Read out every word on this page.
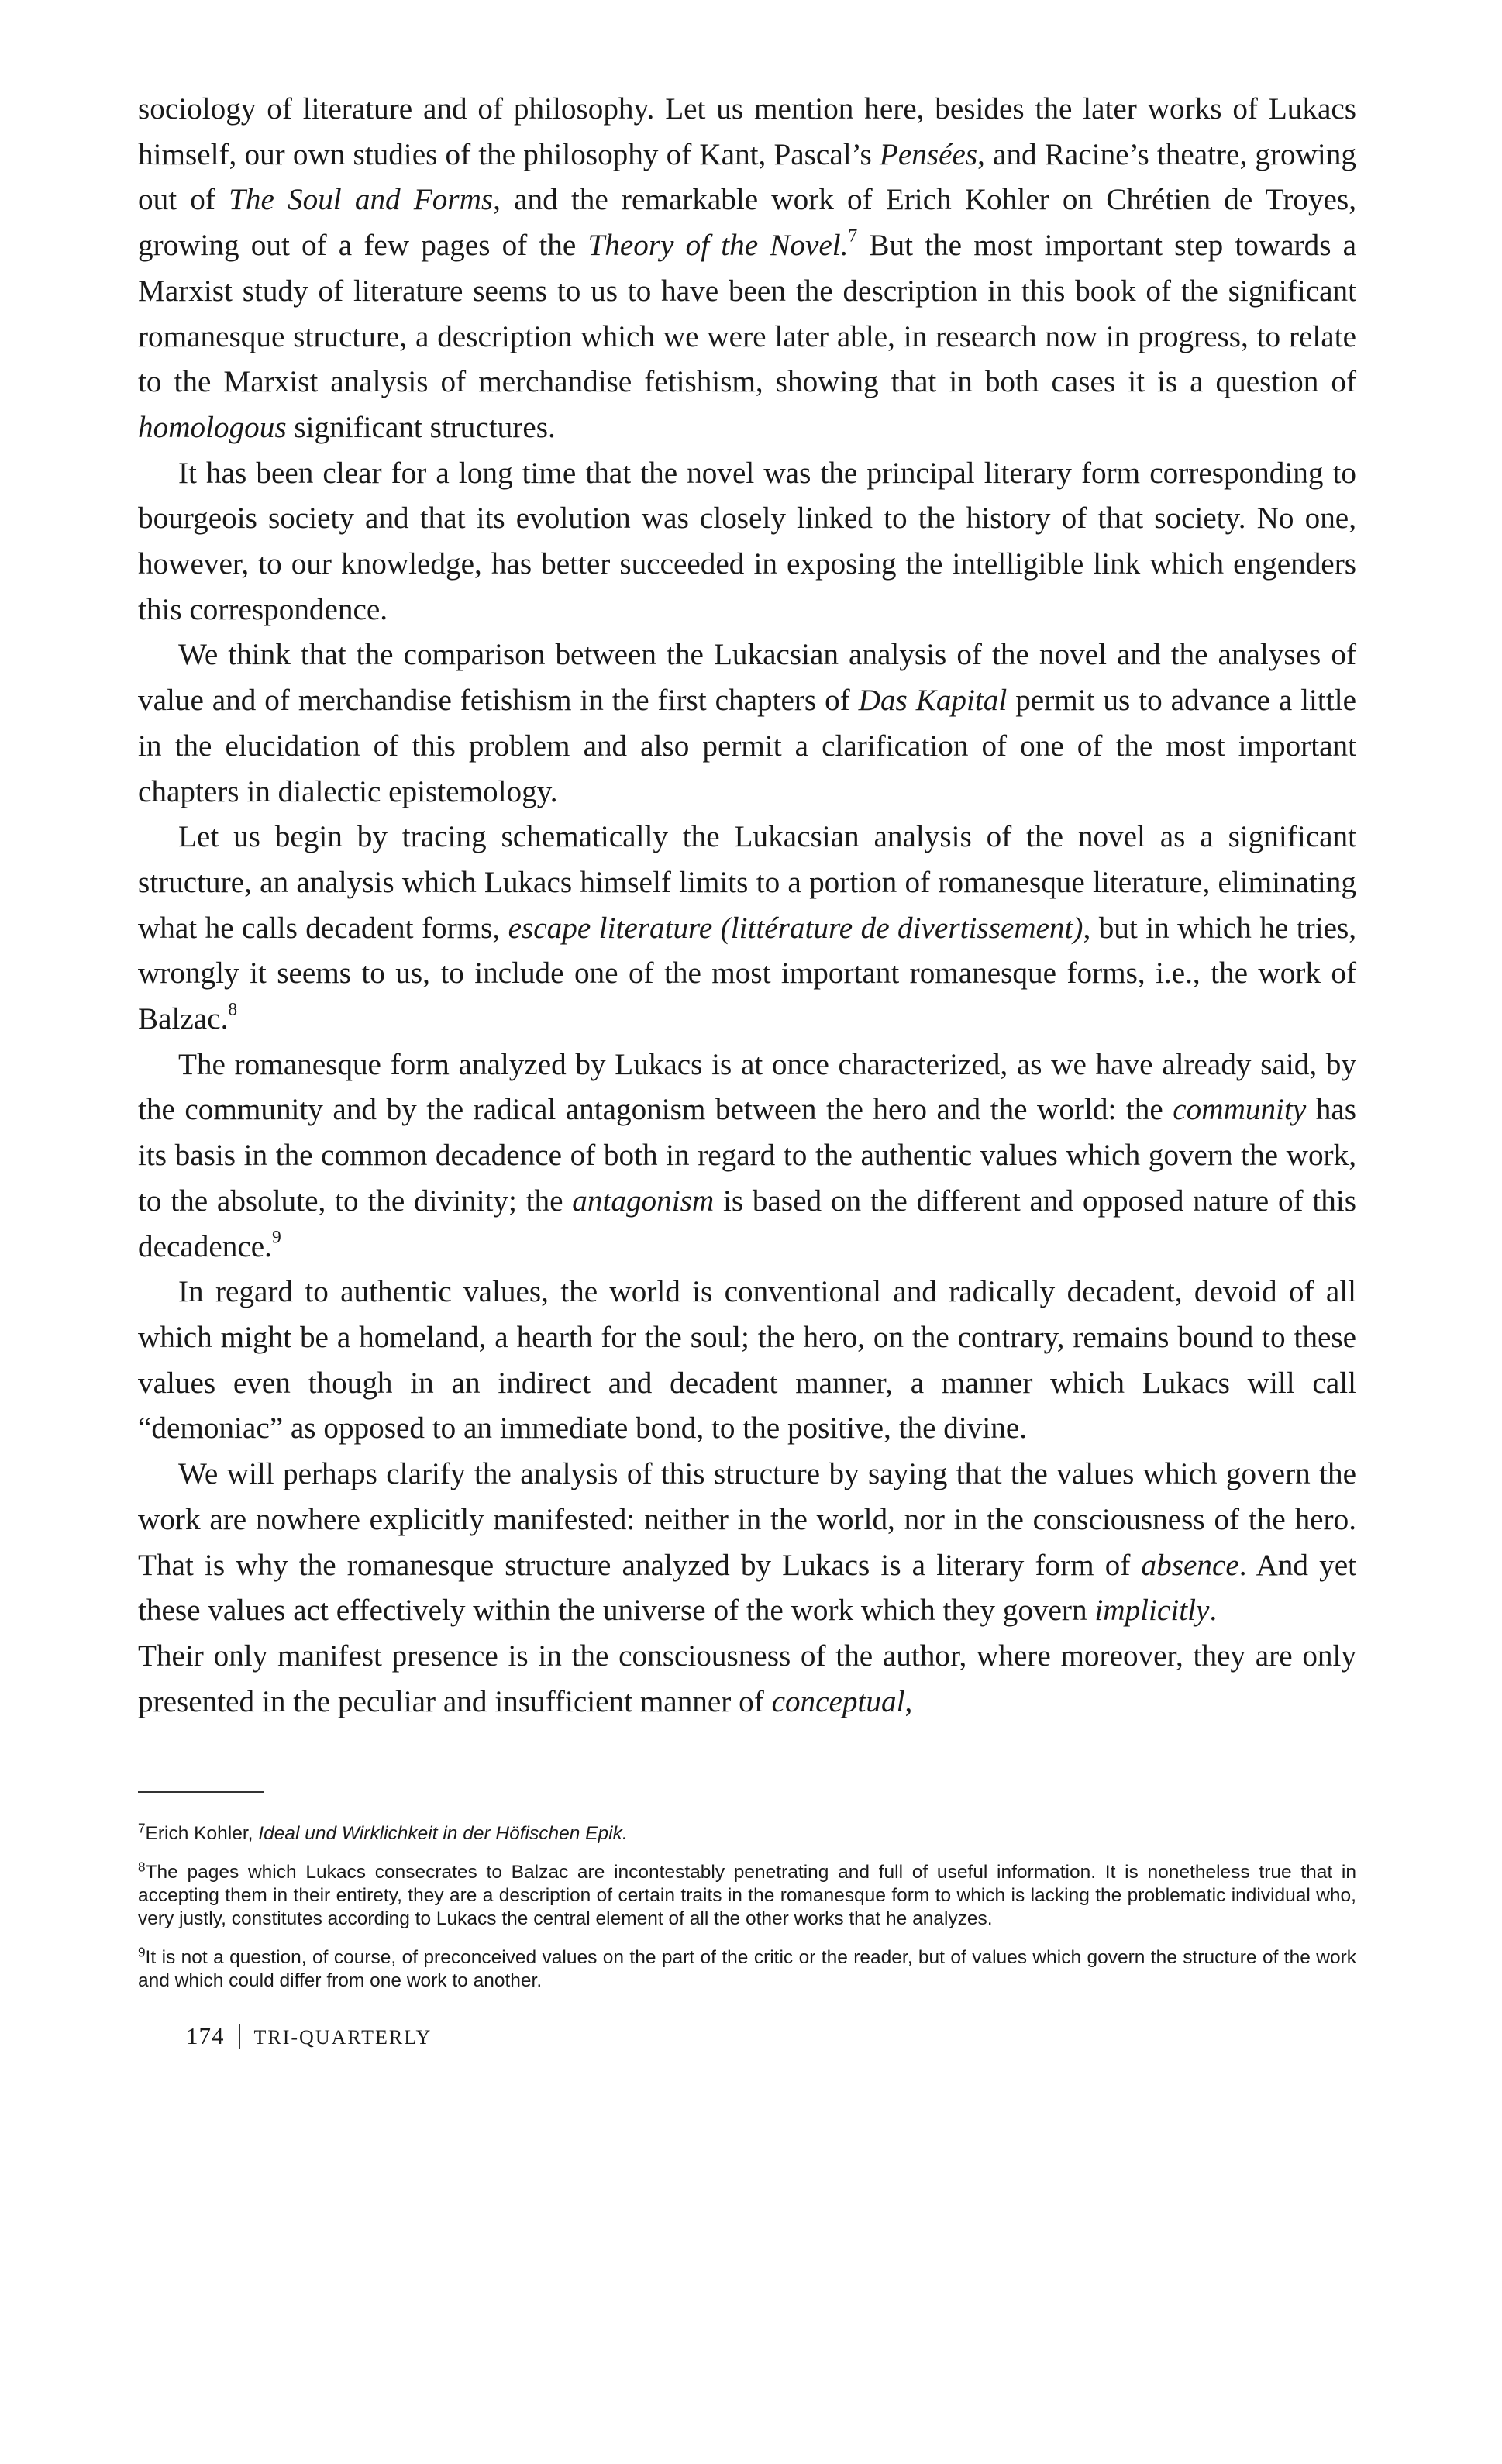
sociology of literature and of philosophy. Let us mention here, besides the later works of Lukacs himself, our own studies of the philosophy of Kant, Pascal’s Pensées, and Racine’s theatre, growing out of The Soul and Forms, and the remarkable work of Erich Kohler on Chrétien de Troyes, growing out of a few pages of the Theory of the Novel.$^7$ But the most important step towards a Marxist study of literature seems to us to have been the description in this book of the significant romanesque structure, a description which we were later able, in research now in progress, to relate to the Marxist analysis of merchandise fetishism, showing that in both cases it is a question of homologous significant structures.

It has been clear for a long time that the novel was the principal literary form corresponding to bourgeois society and that its evolution was closely linked to the history of that society. No one, however, to our knowledge, has better succeeded in exposing the intelligible link which engenders this correspondence.

We think that the comparison between the Lukacsian analysis of the novel and the analyses of value and of merchandise fetishism in the first chapters of Das Kapital permit us to advance a little in the elucidation of this problem and also permit a clarification of one of the most important chapters in dialectic epistemology.

Let us begin by tracing schematically the Lukacsian analysis of the novel as a significant structure, an analysis which Lukacs himself limits to a portion of romanesque literature, eliminating what he calls decadent forms, escape literature (littérature de divertissement), but in which he tries, wrongly it seems to us, to include one of the most important romanesque forms, i.e., the work of Balzac.$^8$

The romanesque form analyzed by Lukacs is at once characterized, as we have already said, by the community and by the radical antagonism between the hero and the world: the community has its basis in the common decadence of both in regard to the authentic values which govern the work, to the absolute, to the divinity; the antagonism is based on the different and opposed nature of this decadence.$^9$

In regard to authentic values, the world is conventional and radically decadent, devoid of all which might be a homeland, a hearth for the soul; the hero, on the contrary, remains bound to these values even though in an indirect and decadent manner, a manner which Lukacs will call “demoniac” as opposed to an immediate bond, to the positive, the divine.

We will perhaps clarify the analysis of this structure by saying that the values which govern the work are nowhere explicitly manifested: neither in the world, nor in the consciousness of the hero. That is why the romanesque structure analyzed by Lukacs is a literary form of absence. And yet these values act effectively within the universe of the work which they govern implicitly.

Their only manifest presence is in the consciousness of the author, where moreover, they are only presented in the peculiar and insufficient manner of conceptual,

$^7$Erich Kohler, Ideal und Wirklichkeit in der Höfischen Epik.

$^8$The pages which Lukacs consecrates to Balzac are incontestably penetrating and full of useful information. It is nonetheless true that in accepting them in their entirety, they are a description of certain traits in the romanesque form to which is lacking the problematic individual who, very justly, constitutes according to Lukacs the central element of all the other works that he analyzes.

$^9$It is not a question, of course, of preconceived values on the part of the critic or the reader, but of values which govern the structure of the work and which could differ from one work to another.

174 TRI-QUARTERLY
